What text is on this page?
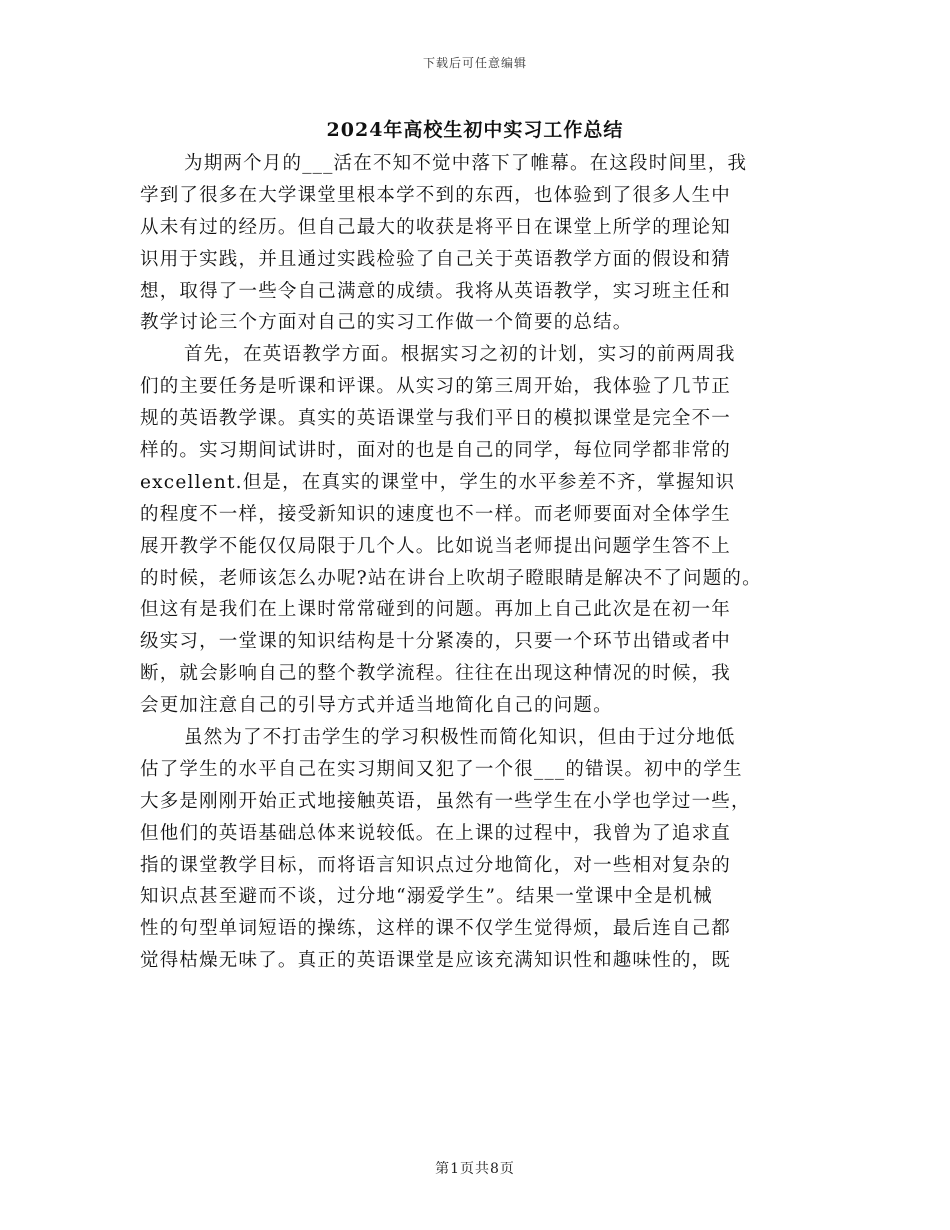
下载后可任意编辑
2024年高校生初中实习工作总结
为期两个月的___活在不知不觉中落下了帷幕。在这段时间里，我
学到了很多在大学课堂里根本学不到的东西，也体验到了很多人生中
从未有过的经历。但自己最大的收获是将平日在课堂上所学的理论知
识用于实践，并且通过实践检验了自己关于英语教学方面的假设和猜
想，取得了一些令自己满意的成绩。我将从英语教学，实习班主任和
教学讨论三个方面对自己的实习工作做一个简要的总结。
首先，在英语教学方面。根据实习之初的计划，实习的前两周我
们的主要任务是听课和评课。从实习的第三周开始，我体验了几节正
规的英语教学课。真实的英语课堂与我们平日的模拟课堂是完全不一
样的。实习期间试讲时，面对的也是自己的同学，每位同学都非常的
excellent.但是，在真实的课堂中，学生的水平参差不齐，掌握知识
的程度不一样，接受新知识的速度也不一样。而老师要面对全体学生
展开教学不能仅仅局限于几个人。比如说当老师提出问题学生答不上
的时候，老师该怎么办呢?站在讲台上吹胡子瞪眼睛是解决不了问题的。
但这有是我们在上课时常常碰到的问题。再加上自己此次是在初一年
级实习，一堂课的知识结构是十分紧凑的，只要一个环节出错或者中
断，就会影响自己的整个教学流程。往往在出现这种情况的时候，我
会更加注意自己的引导方式并适当地简化自己的问题。
虽然为了不打击学生的学习积极性而简化知识，但由于过分地低
估了学生的水平自己在实习期间又犯了一个很___的错误。初中的学生
大多是刚刚开始正式地接触英语，虽然有一些学生在小学也学过一些，
但他们的英语基础总体来说较低。在上课的过程中，我曾为了追求直
指的课堂教学目标，而将语言知识点过分地简化，对一些相对复杂的
知识点甚至避而不谈，过分地“溺爱学生”。结果一堂课中全是机械
性的句型单词短语的操练，这样的课不仅学生觉得烦，最后连自己都
觉得枯燥无味了。真正的英语课堂是应该充满知识性和趣味性的，既
第1页共8页
